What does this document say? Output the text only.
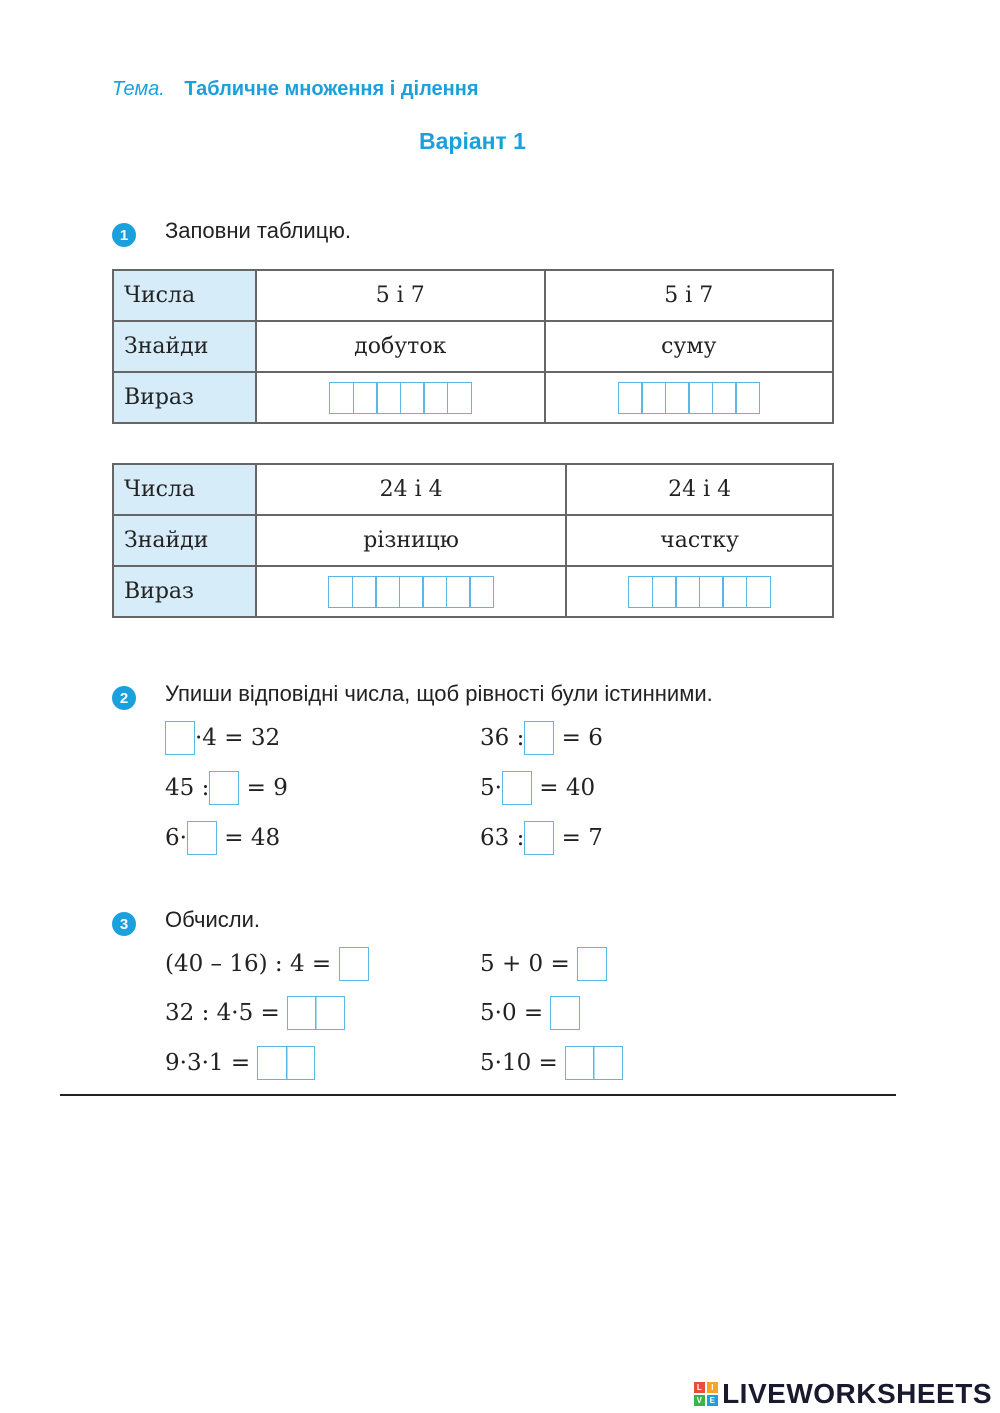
Тема. Табличне множення і ділення
Варіант 1
1	Заповни таблицю.
Числа	5 і 7	5 і 7
Знайди	добуток	суму
Вираз	

Числа	24 і 4	24 і 4
Знайди	різницю	частку
Вираз	

2	Упиши відповідні числа, щоб рівності були істинними.
·4 = 32
45 : = 9
6· = 48
36 : = 6
5· = 40
63 : = 7
3	Обчисли.
(40 – 16) : 4 =

32 : 4·5 =

9·3·1 =

5 + 0 =

5·0 =

5·10 =

L	I
V E LIVEWORKSHEETS
